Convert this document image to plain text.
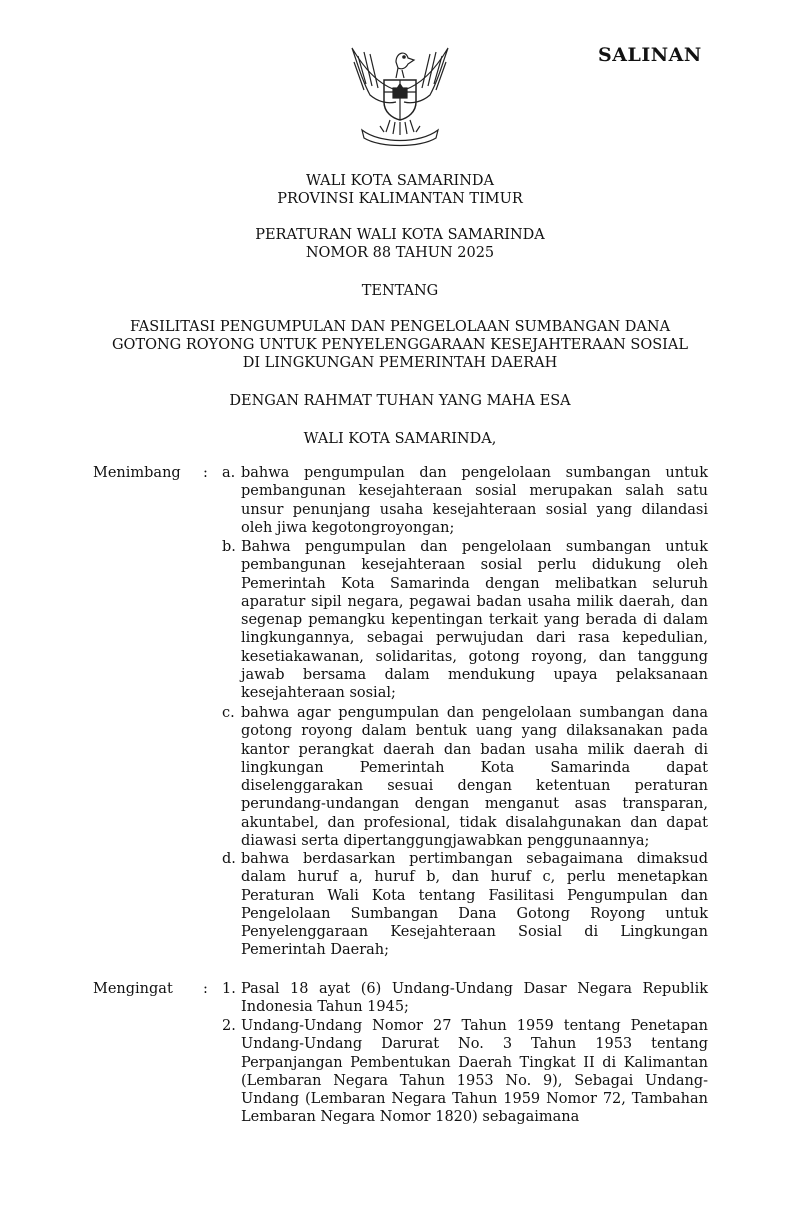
SALINAN
WALI KOTA SAMARINDA
PROVINSI KALIMANTAN TIMUR
PERATURAN WALI KOTA SAMARINDA
NOMOR 88 TAHUN 2025
TENTANG
FASILITASI PENGUMPULAN DAN PENGELOLAAN SUMBANGAN DANA
GOTONG ROYONG UNTUK PENYELENGGARAAN KESEJAHTERAAN SOSIAL
DI LINGKUNGAN PEMERINTAH DAERAH
DENGAN RAHMAT TUHAN YANG MAHA ESA
WALI KOTA SAMARINDA,
Menimbang : a. bahwa pengumpulan dan pengelolaan sumbangan untuk pembangunan kesejahteraan sosial merupakan salah satu unsur penunjang usaha kesejahteraan sosial yang dilandasi oleh jiwa kegotongroyongan;
b. Bahwa pengumpulan dan pengelolaan sumbangan untuk pembangunan kesejahteraan sosial perlu didukung oleh Pemerintah Kota Samarinda dengan melibatkan seluruh aparatur sipil negara, pegawai badan usaha milik daerah, dan segenap pemangku kepentingan terkait yang berada di dalam lingkungannya, sebagai perwujudan dari rasa kepedulian, kesetiakawanan, solidaritas, gotong royong, dan tanggung jawab bersama dalam mendukung upaya pelaksanaan kesejahteraan sosial;
c. bahwa agar pengumpulan dan pengelolaan sumbangan dana gotong royong dalam bentuk uang yang dilaksanakan pada kantor perangkat daerah dan badan usaha milik daerah di lingkungan Pemerintah Kota Samarinda dapat diselenggarakan sesuai dengan ketentuan peraturan perundang-undangan dengan menganut asas transparan, akuntabel, dan profesional, tidak disalahgunakan dan dapat diawasi serta dipertanggungjawabkan penggunaannya;
d. bahwa berdasarkan pertimbangan sebagaimana dimaksud dalam huruf a, huruf b, dan huruf c, perlu menetapkan Peraturan Wali Kota tentang Fasilitasi Pengumpulan dan Pengelolaan Sumbangan Dana Gotong Royong untuk Penyelenggaraan Kesejahteraan Sosial di Lingkungan Pemerintah Daerah;
Mengingat : 1. Pasal 18 ayat (6) Undang-Undang Dasar Negara Republik Indonesia Tahun 1945;
2. Undang-Undang Nomor 27 Tahun 1959 tentang Penetapan Undang-Undang Darurat No. 3 Tahun 1953 tentang Perpanjangan Pembentukan Daerah Tingkat II di Kalimantan (Lembaran Negara Tahun 1953 No. 9), Sebagai Undang-Undang (Lembaran Negara Tahun 1959 Nomor 72, Tambahan Lembaran Negara Nomor 1820) sebagaimana
